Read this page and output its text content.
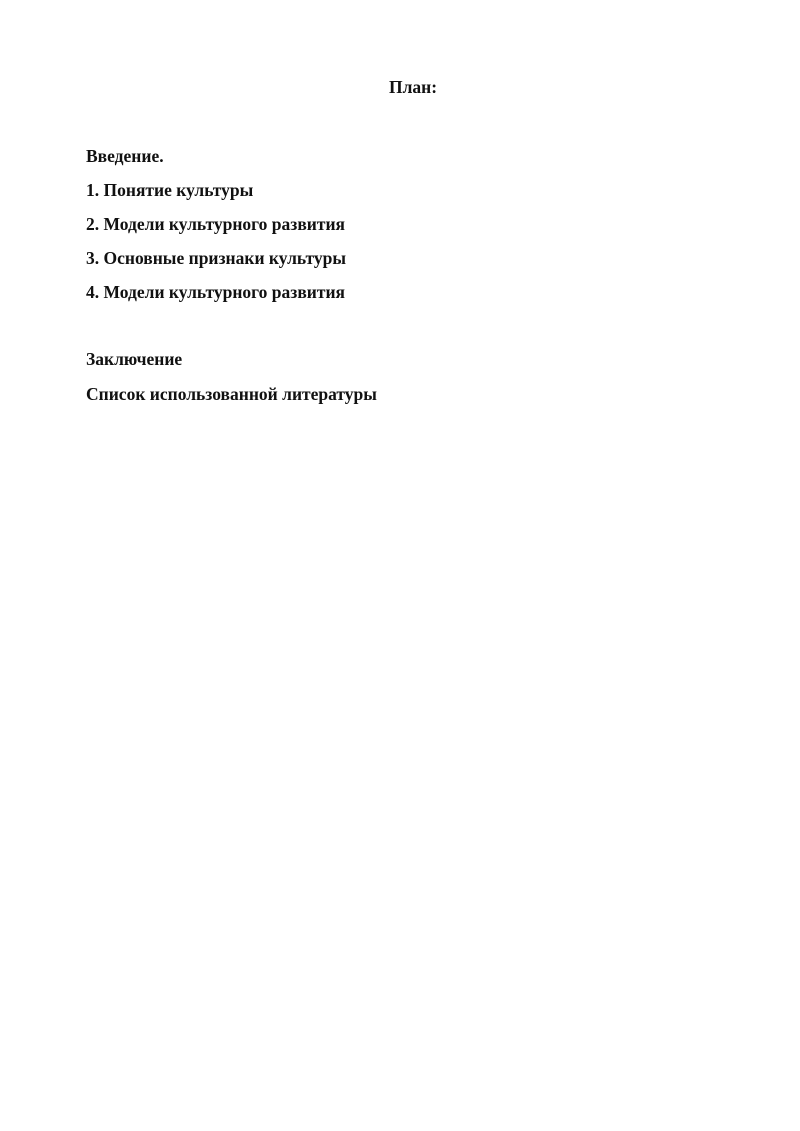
План:
Введение.
1. Понятие культуры
2. Модели культурного развития
3. Основные признаки культуры
4. Модели культурного развития
Заключение
Список использованной литературы
